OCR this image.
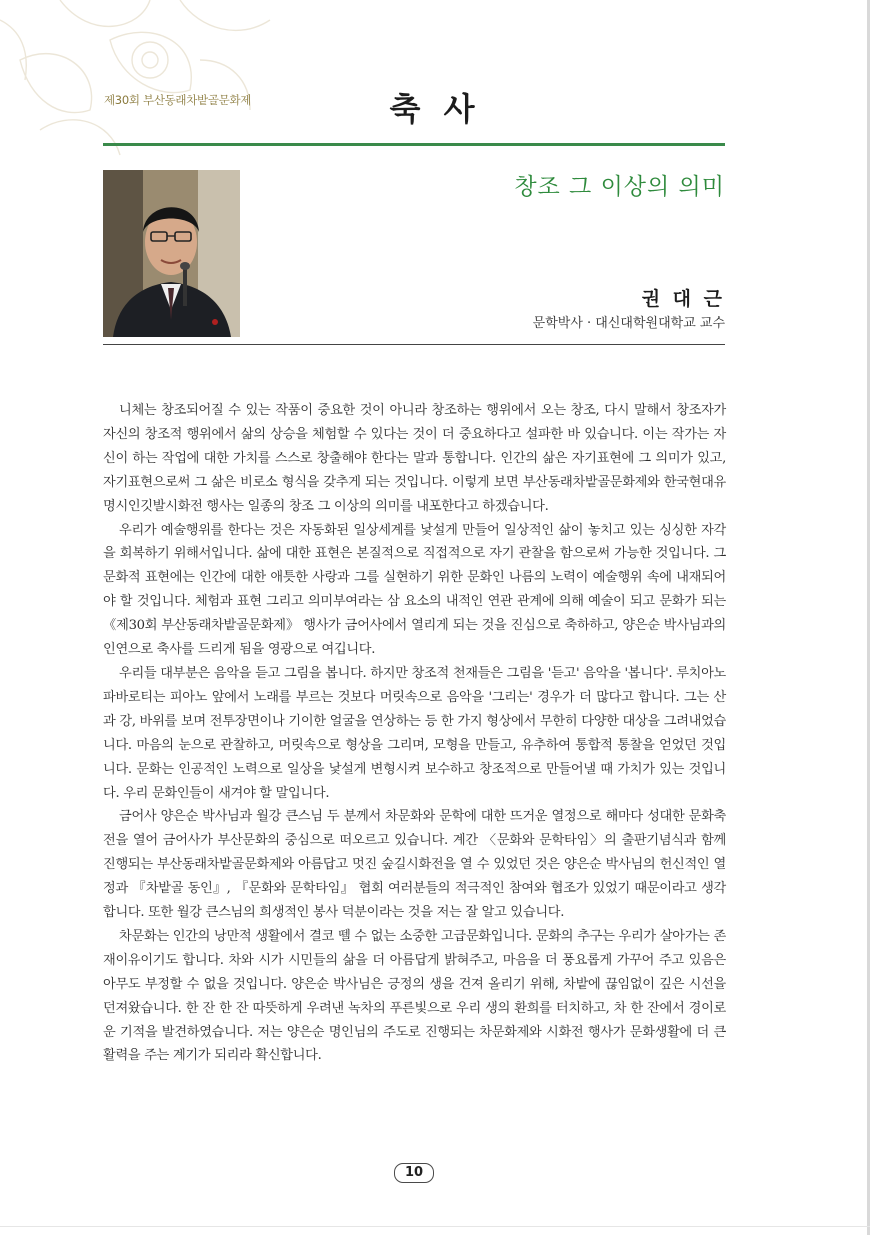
제30회 부산동래차밭골문화제	축 사
창조 그 이상의 의미
권 대 근
문학박사 · 대신대학원대학교 교수

니체는 창조되어질 수 있는 작품이 중요한 것이 아니라 창조하는 행위에서 오는 창조, 다시 말해서 창조자가 자신의 창조적 행위에서 삶의 상승을 체험할 수 있다는 것이 더 중요하다고 설파한 바 있습니다. 이는 작가는 자신이 하는 작업에 대한 가치를 스스로 창출해야 한다는 말과 통합니다. 인간의 삶은 자기표현에 그 의미가 있고, 자기표현으로써 그 삶은 비로소 형식을 갖추게 되는 것입니다. 이렇게 보면 부산동래차밭골문화제와 한국현대유명시인깃발시화전 행사는 일종의 창조 그 이상의 의미를 내포한다고 하겠습니다.

우리가 예술행위를 한다는 것은 자동화된 일상세계를 낯설게 만들어 일상적인 삶이 놓치고 있는 싱싱한 자각을 회복하기 위해서입니다. 삶에 대한 표현은 본질적으로 직접적으로 자기 관찰을 함으로써 가능한 것입니다. 그 문화적 표현에는 인간에 대한 애틋한 사랑과 그를 실현하기 위한 문화인 나름의 노력이 예술행위 속에 내재되어야 할 것입니다. 체험과 표현 그리고 의미부여라는 삼 요소의 내적인 연관 관계에 의해 예술이 되고 문화가 되는 《제30회 부산동래차밭골문화제》 행사가 금어사에서 열리게 되는 것을 진심으로 축하하고, 양은순 박사님과의 인연으로 축사를 드리게 됨을 영광으로 여깁니다.

우리들 대부분은 음악을 듣고 그림을 봅니다. 하지만 창조적 천재들은 그림을 '듣고' 음악을 '봅니다'. 루치아노 파바로티는 피아노 앞에서 노래를 부르는 것보다 머릿속으로 음악을 '그리는' 경우가 더 많다고 합니다. 그는 산과 강, 바위를 보며 전투장면이나 기이한 얼굴을 연상하는 등 한 가지 형상에서 무한히 다양한 대상을 그려내었습니다. 마음의 눈으로 관찰하고, 머릿속으로 형상을 그리며, 모형을 만들고, 유추하여 통합적 통찰을 얻었던 것입니다. 문화는 인공적인 노력으로 일상을 낯설게 변형시켜 보수하고 창조적으로 만들어낼 때 가치가 있는 것입니다. 우리 문화인들이 새겨야 할 말입니다.

금어사 양은순 박사님과 월강 큰스님 두 분께서 차문화와 문학에 대한 뜨거운 열정으로 해마다 성대한 문화축전을 열어 금어사가 부산문화의 중심으로 떠오르고 있습니다. 계간 〈문화와 문학타임〉의 출판기념식과 함께 진행되는 부산동래차밭골문화제와 아름답고 멋진 숲길시화전을 열 수 있었던 것은 양은순 박사님의 헌신적인 열정과 『차밭골 동인』, 『문화와 문학타임』 협회 여러분들의 적극적인 참여와 협조가 있었기 때문이라고 생각합니다. 또한 월강 큰스님의 희생적인 봉사 덕분이라는 것을 저는 잘 알고 있습니다.

차문화는 인간의 낭만적 생활에서 결코 뗄 수 없는 소중한 고급문화입니다. 문화의 추구는 우리가 살아가는 존재이유이기도 합니다. 차와 시가 시민들의 삶을 더 아름답게 밝혀주고, 마음을 더 풍요롭게 가꾸어 주고 있음은 아무도 부정할 수 없을 것입니다. 양은순 박사님은 긍정의 생을 건져 올리기 위해, 차밭에 끊임없이 깊은 시선을 던져왔습니다. 한 잔 한 잔 따뜻하게 우려낸 녹차의 푸른빛으로 우리 생의 환희를 터치하고, 차 한 잔에서 경이로운 기적을 발견하였습니다. 저는 양은순 명인님의 주도로 진행되는 차문화제와 시화전 행사가 문화생활에 더 큰 활력을 주는 계기가 되리라 확신합니다.

10
